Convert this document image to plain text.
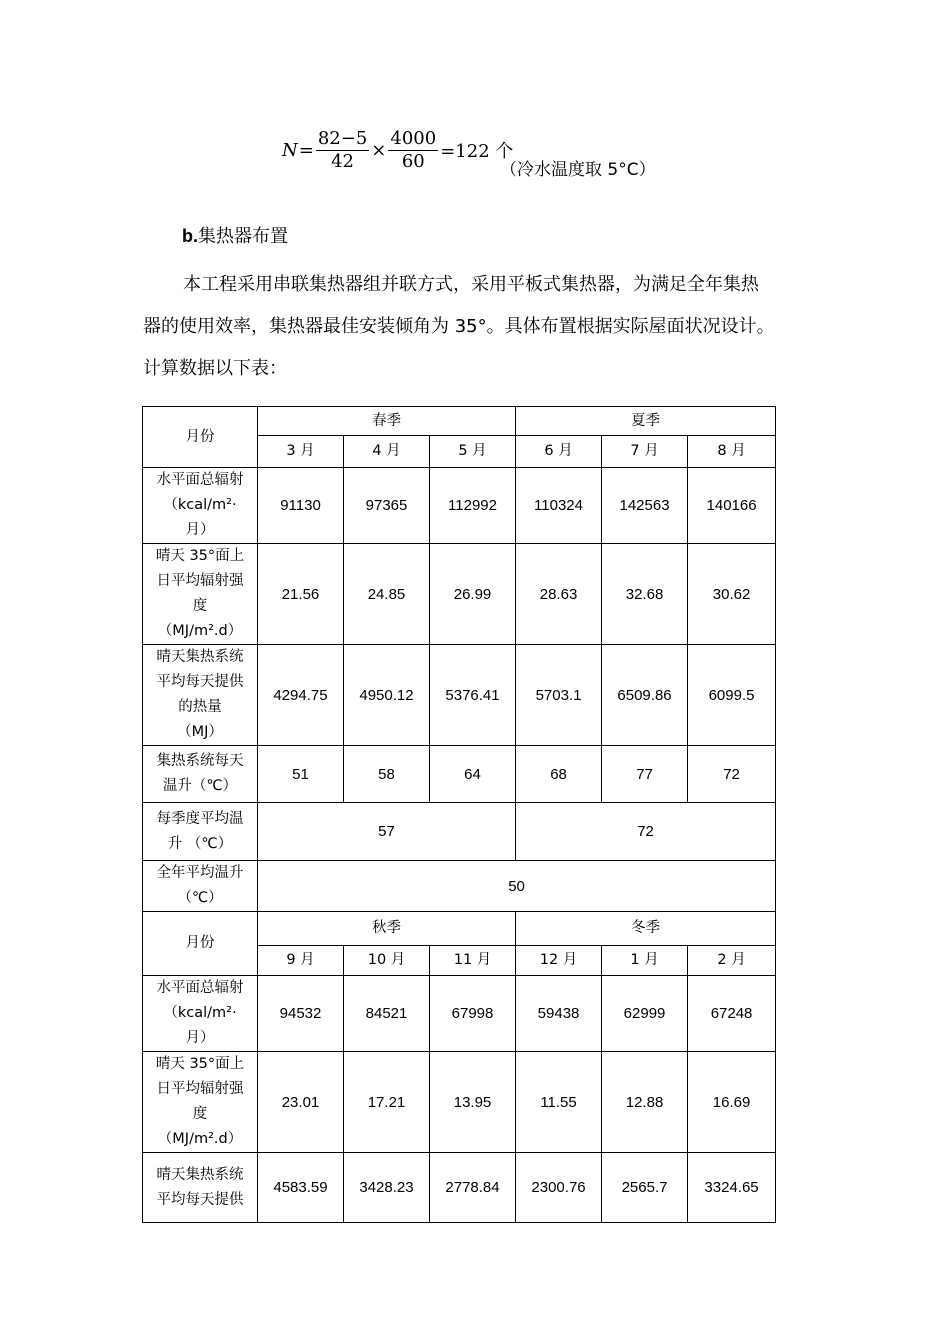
$N = \frac{82-5}{42} \times \frac{4000}{60} =122$ 个
（冷水温度取 5°C）
b.集热器布置
本工程采用串联集热器组并联方式，采用平板式集热器，为满足全年集热
器的使用效率，集热器最佳安装倾角为 35°。具体布置根据实际屋面状况设计。
计算数据以下表：
月份	春季			夏季		
	3 月	4 月	5 月	6 月	7 月	8 月

水平面总辐射
（kcal/m²·
月）	91130	97365	112992	110324	142563	140166

晴天 35°面上
日平均辐射强
度
（MJ/m².d）	21.56	24.85	26.99	28.63	32.68	30.62

晴天集热系统
平均每天提供
的热量
（MJ）	4294.75	4950.12	5376.41	5703.1	6509.86	6099.5

集热系统每天
温升（℃）	51	58	64	68	77	72

每季度平均温
升 （℃）	57			72		

全年平均温升
（℃）	50					
月份	秋季			冬季		
	9 月	10 月	11 月	12 月	1 月	2 月

水平面总辐射
（kcal/m²·
月）	94532	84521	67998	59438	62999	67248

晴天 35°面上
日平均辐射强
度
（MJ/m².d）	23.01	17.21	13.95	11.55	12.88	16.69

晴天集热系统
平均每天提供	4583.59	3428.23	2778.84	2300.76	2565.7	3324.65
